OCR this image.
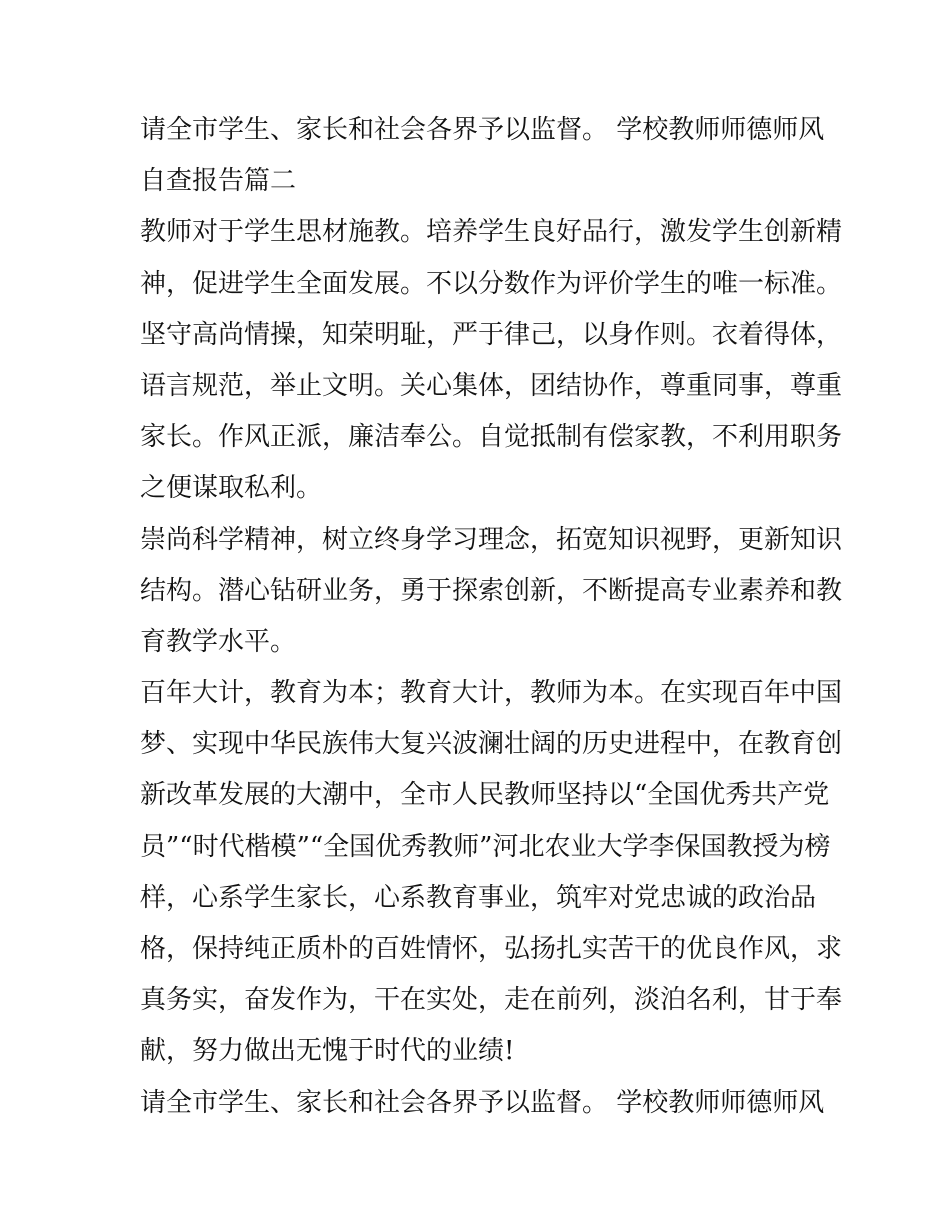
请全市学生、家长和社会各界予以监督。 学校教师师德师风
自查报告篇二
教师对于学生思材施教。培养学生良好品行，激发学生创新精
神，促进学生全面发展。不以分数作为评价学生的唯一标准。
坚守高尚情操，知荣明耻，严于律己，以身作则。衣着得体，
语言规范，举止文明。关心集体，团结协作，尊重同事，尊重
家长。作风正派，廉洁奉公。自觉抵制有偿家教，不利用职务
之便谋取私利。
崇尚科学精神，树立终身学习理念，拓宽知识视野，更新知识
结构。潜心钻研业务，勇于探索创新，不断提高专业素养和教
育教学水平。
百年大计，教育为本；教育大计，教师为本。在实现百年中国
梦、实现中华民族伟大复兴波澜壮阔的历史进程中，在教育创
新改革发展的大潮中，全市人民教师坚持以“全国优秀共产党
员”“时代楷模”“全国优秀教师”河北农业大学李保国教授为榜
样，心系学生家长，心系教育事业，筑牢对党忠诚的政治品
格，保持纯正质朴的百姓情怀，弘扬扎实苦干的优良作风，求
真务实，奋发作为，干在实处，走在前列，淡泊名利，甘于奉
献，努力做出无愧于时代的业绩!
请全市学生、家长和社会各界予以监督。 学校教师师德师风
